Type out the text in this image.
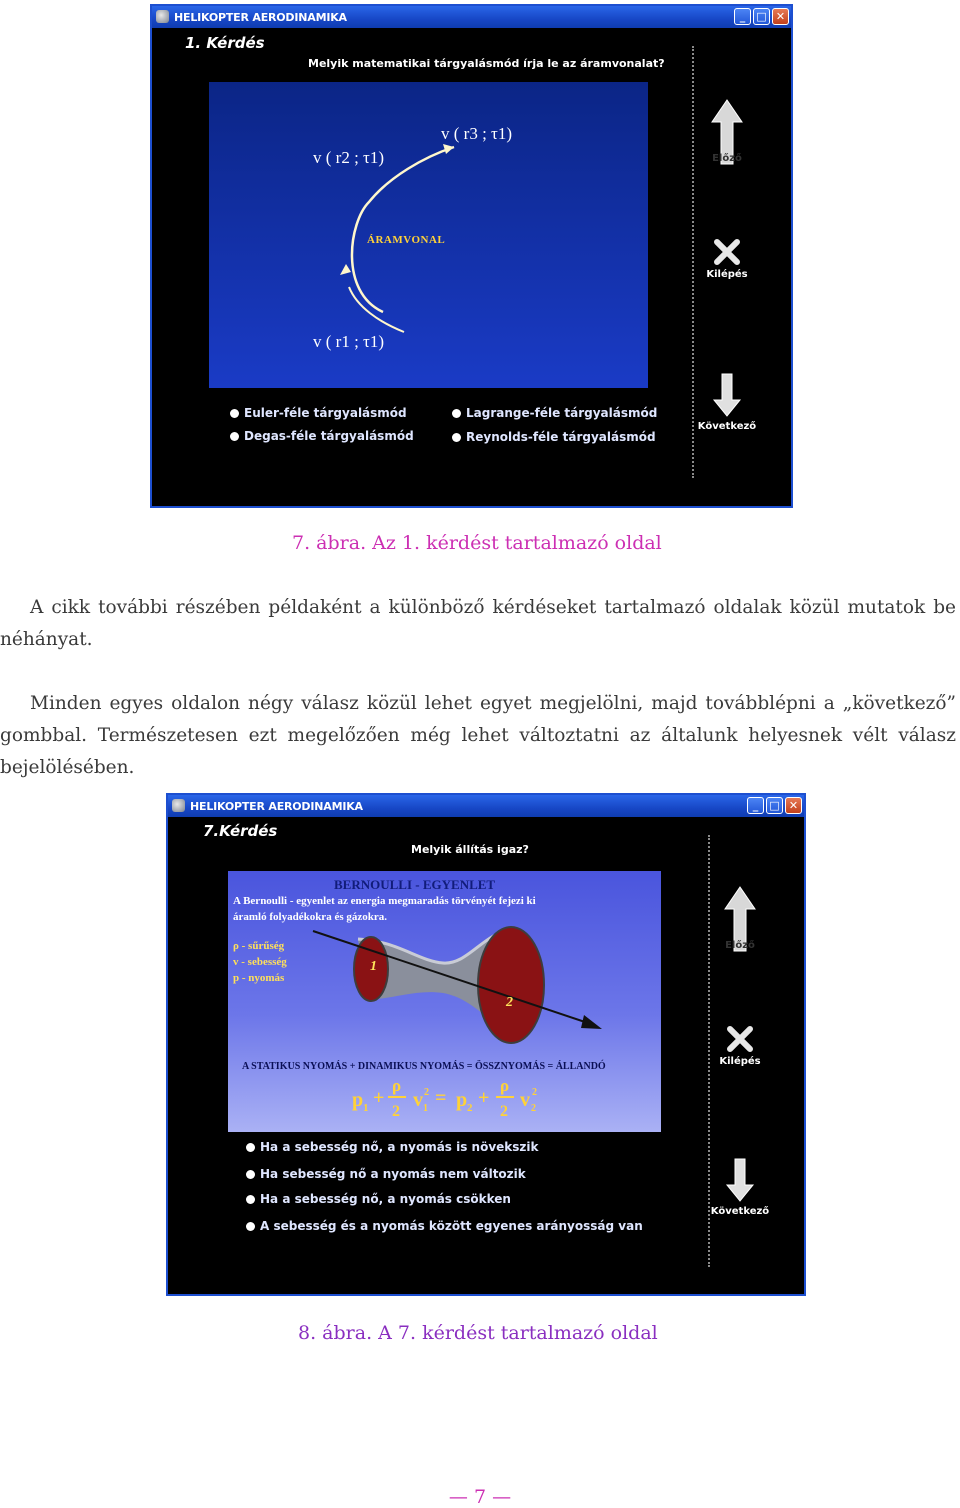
HELIKOPTER AERODINAMIKA	_	□ ✕
1. Kérdés
Melyik matematikai tárgyalásmód írja le az áramvonalat?
v ( r3 ; τ1)
v ( r2 ; τ1)
ÁRAMVONAL
v ( r1 ; τ1)
Euler-féle tárgyalásmód
Degas-féle tárgyalásmód
Lagrange-féle tárgyalásmód
Reynolds-féle tárgyalásmód
Előző
Kilépés
Következő
7. ábra. Az 1. kérdést tartalmazó oldal
A cikk további részében példaként a különböző kérdéseket tartalmazó oldalak közül mutatok be néhányat.
Minden egyes oldalon négy válasz közül lehet egyet megjelölni, majd továbblépni a „következő” gombbal. Természetesen ezt megelőzően még lehet változtatni az általunk helyesnek vélt válasz bejelölésében.
HELIKOPTER AERODINAMIKA	_	□ ✕
7.Kérdés
Melyik állítás igaz?
BERNOULLI - EGYENLET
A Bernoulli - egyenlet az energia megmaradás törvényét fejezi ki
áramló folyadékokra és gázokra.
ρ - sűrűség
v - sebesség
p - nyomás
1
2
A STATIKUS NYOMÁS + DINAMIKUS NYOMÁS = ÖSSZNYOMÁS = ÁLLANDÓ
p 1 +
ρ
2
v 2
1 = p 2 +
ρ
2
v 2
2
Ha a sebesség nő, a nyomás is növekszik
Ha sebesség nő a nyomás nem változik
Ha a sebesség nő, a nyomás csökken
A sebesség és a nyomás között egyenes arányosság van
Előző
Kilépés
Következő
8. ábra. A 7. kérdést tartalmazó oldal
— 7 —
